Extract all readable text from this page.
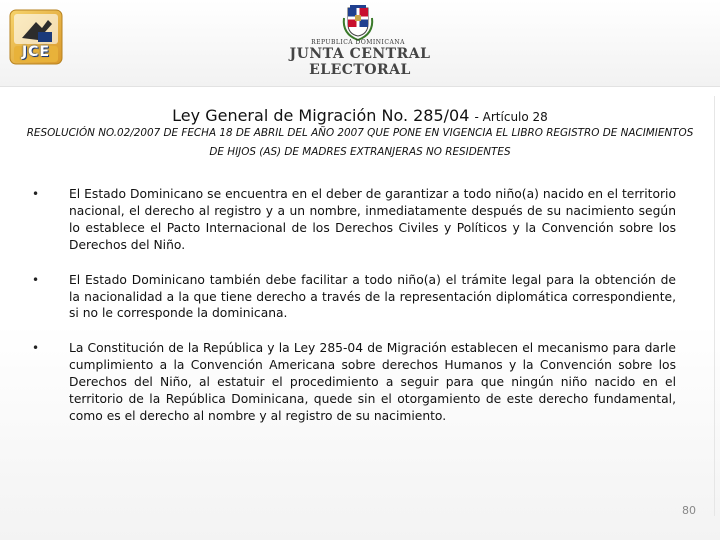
JCE
REPUBLICA DOMINICANA
JUNTA CENTRAL ELECTORAL
Ley General de Migración No. 285/04 - Artículo 28
RESOLUCIÓN NO.02/2007 DE FECHA 18 DE ABRIL DEL AÑO 2007 QUE PONE EN VIGENCIA EL LIBRO REGISTRO DE NACIMIENTOS DE HIJOS (AS) DE MADRES EXTRANJERAS NO RESIDENTES
• El Estado Dominicano se encuentra en el deber de garantizar a todo niño(a) nacido en el territorio nacional, el derecho al registro y a un nombre, inmediatamente después de su nacimiento según lo establece el Pacto Internacional de los Derechos Civiles y Políticos y la Convención sobre los Derechos del Niño.
• El Estado Dominicano también debe facilitar a todo niño(a) el trámite legal para la obtención de la nacionalidad a la que tiene derecho a través de la representación diplomática correspondiente, si no le corresponde la dominicana.
• La Constitución de la República y la Ley 285-04 de Migración establecen el mecanismo para darle cumplimiento a la Convención Americana sobre derechos Humanos y la Convención sobre los Derechos del Niño, al estatuir el procedimiento a seguir para que ningún niño nacido en el territorio de la República Dominicana, quede sin el otorgamiento de este derecho fundamental, como es el derecho al nombre y al registro de su nacimiento.
80
